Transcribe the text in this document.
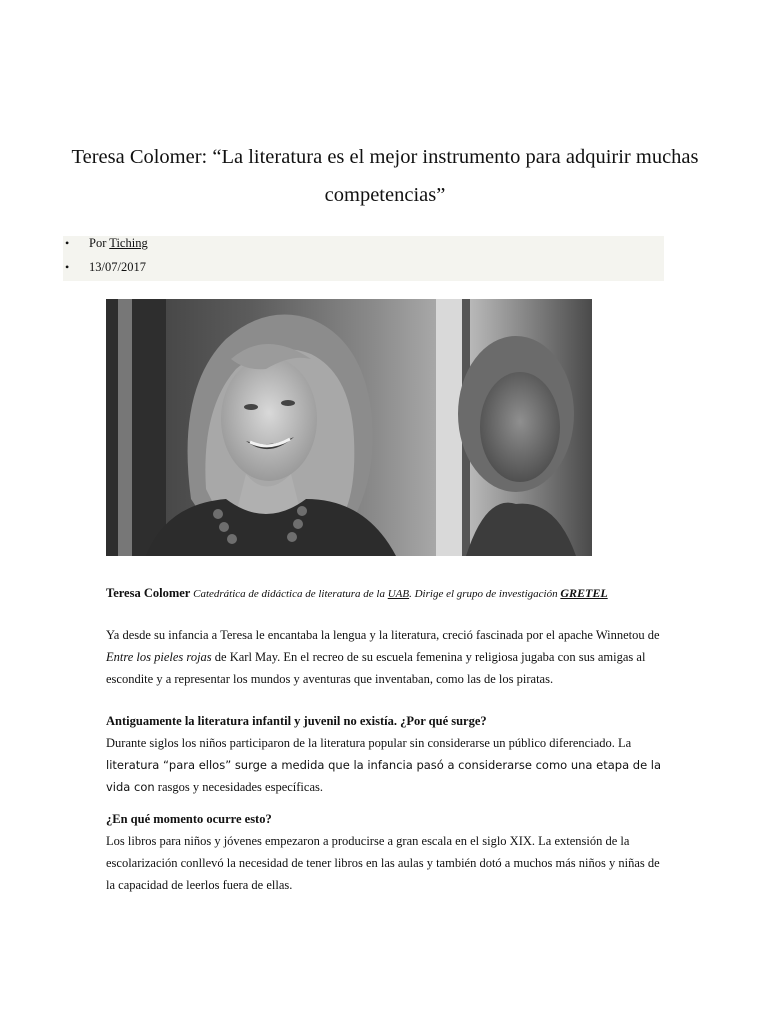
Teresa Colomer: “La literatura es el mejor instrumento para adquirir muchas competencias”
• Por Tiching
• 13/07/2017
Teresa Colomer Catedrática de didáctica de literatura de la UAB. Dirige el grupo de investigación GRETEL

Ya desde su infancia a Teresa le encantaba la lengua y la literatura, creció fascinada por el apache Winnetou de Entre los pieles rojas de Karl May. En el recreo de su escuela femenina y religiosa jugaba con sus amigas al escondite y a representar los mundos y aventuras que inventaban, como las de los piratas.

Antiguamente la literatura infantil y juvenil no existía. ¿Por qué surge?

Durante siglos los niños participaron de la literatura popular sin considerarse un público diferenciado. La literatura “para ellos” surge a medida que la infancia pasó a considerarse como una etapa de la vida con rasgos y necesidades específicas.

¿En qué momento ocurre esto?

Los libros para niños y jóvenes empezaron a producirse a gran escala en el siglo XIX. La extensión de la escolarización conllevó la necesidad de tener libros en las aulas y también dotó a muchos más niños y niñas de la capacidad de leerlos fuera de ellas.
